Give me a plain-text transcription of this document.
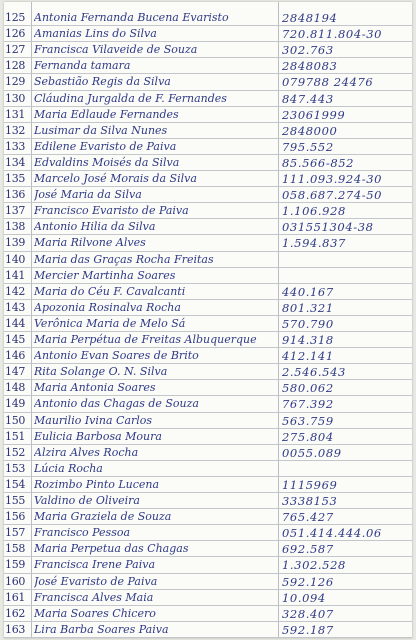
125 Antonia Fernanda Bucena Evaristo	2848194
126 Amanias Lins do Silva	720.811.804-30
127 Francisca Vilaveide de Souza	302.763
128 Fernanda tamara	2848083
129 Sebastião Regis da Silva	079788 24476
130 Cláudina Jurgalda de F. Fernandes	847.443
131 Maria Edlaude Fernandes	23061999
132 Lusimar da Silva Nunes	2848000
133 Edilene Evaristo de Paiva	795.552
134 Edvaldins Moisés da Silva	85.566-852
135 Marcelo José Morais da Silva	111.093.924-30
136 José Maria da Silva	058.687.274-50
137 Francisco Evaristo de Paiva	1.106.928
138 Antonio Hilia da Silva	031551304-38
139 Maria Rilvone Alves	1.594.837
140 Maria das Graças Rocha Freitas
141 Mercier Martinha Soares
142 Maria do Céu F. Cavalcanti	440.167
143 Apozonia Rosinalva Rocha	801.321
144 Verônica Maria de Melo Sá	570.790
145 Maria Perpétua de Freitas Albuquerque	914.318
146 Antonio Evan Soares de Brito	412.141
147 Rita Solange O. N. Silva	2.546.543
148 Maria Antonia Soares	580.062
149 Antonio das Chagas de Souza	767.392
150 Maurilio Ivina Carlos	563.759
151 Eulicia Barbosa Moura	275.804
152 Alzira Alves Rocha	0055.089
153 Lúcia Rocha
154 Rozimbo Pinto Lucena	1115969
155 Valdino de Oliveira	3338153
156 Maria Graziela de Souza	765.427
157 Francisco Pessoa	051.414.444.06
158 Maria Perpetua das Chagas	692.587
159 Francisca Irene Paiva	1.302.528
160 José Evaristo de Paiva	592.126
161 Francisca Alves Maia	10.094
162 Maria Soares Chicero	328.407
163 Lira Barba Soares Paiva	592.187
